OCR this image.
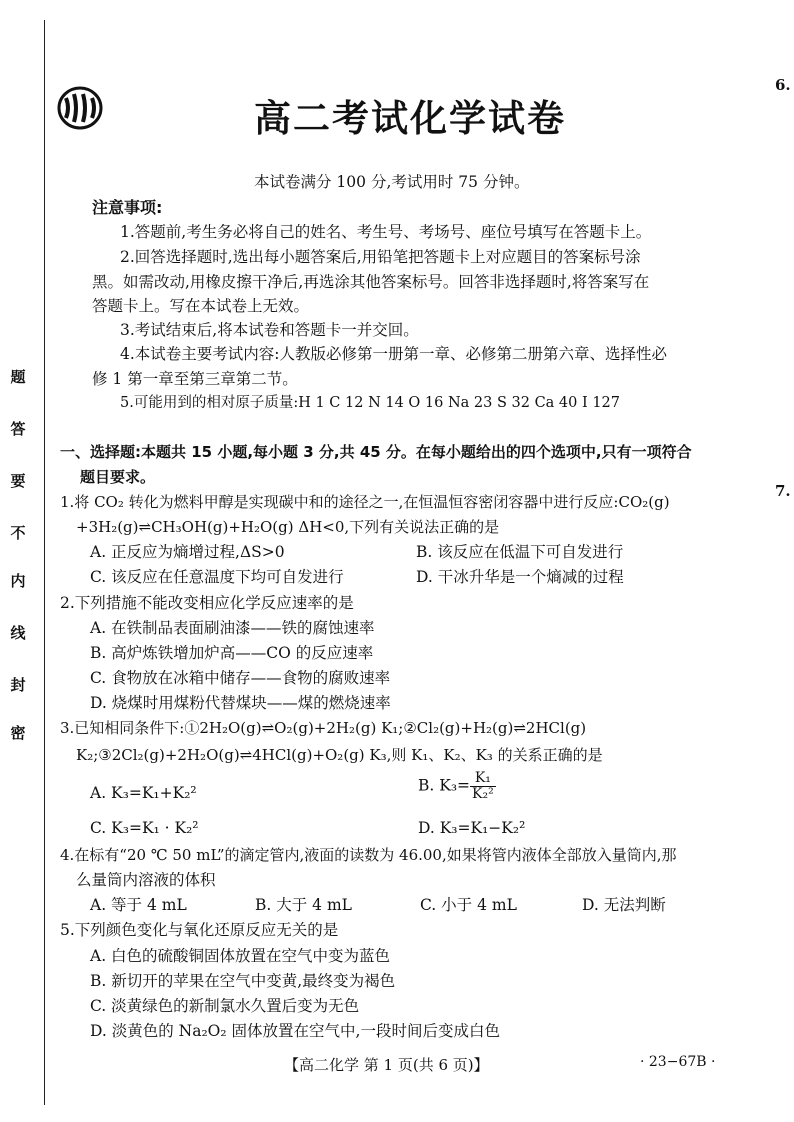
题
答
要
不
内
线
封
密
6.
7.
高二考试化学试卷
本试卷满分 100 分,考试用时 75 分钟。
注意事项:
1.答题前,考生务必将自己的姓名、考生号、考场号、座位号填写在答题卡上。
2.回答选择题时,选出每小题答案后,用铅笔把答题卡上对应题目的答案标号涂
黑。如需改动,用橡皮擦干净后,再选涂其他答案标号。回答非选择题时,将答案写在
答题卡上。写在本试卷上无效。
3.考试结束后,将本试卷和答题卡一并交回。
4.本试卷主要考试内容:人教版必修第一册第一章、必修第二册第六章、选择性必
修 1 第一章至第三章第二节。
5.可能用到的相对原子质量:H 1 C 12 N 14 O 16 Na 23 S 32 Ca 40 I 127
一、选择题:本题共 15 小题,每小题 3 分,共 45 分。在每小题给出的四个选项中,只有一项符合
题目要求。
1.将 CO₂ 转化为燃料甲醇是实现碳中和的途径之一,在恒温恒容密闭容器中进行反应:CO₂(g)
+3H₂(g)⇌CH₃OH(g)+H₂O(g) ΔH<0,下列有关说法正确的是
A. 正反应为熵增过程,ΔS>0	B. 该反应在低温下可自发进行
C. 该反应在任意温度下均可自发进行	D. 干冰升华是一个熵减的过程
2.下列措施不能改变相应化学反应速率的是
A. 在铁制品表面刷油漆——铁的腐蚀速率
B. 高炉炼铁增加炉高——CO 的反应速率
C. 食物放在冰箱中储存——食物的腐败速率
D. 烧煤时用煤粉代替煤块——煤的燃烧速率
3.已知相同条件下:①2H₂O(g)⇌O₂(g)+2H₂(g) K₁;②Cl₂(g)+H₂(g)⇌2HCl(g)
K₂;③2Cl₂(g)+2H₂O(g)⇌4HCl(g)+O₂(g) K₃,则 K₁、K₂、K₃ 的关系正确的是
A. K₃=K₁+K₂²	B. $K_3= \frac{\text{K₁}}{\text{K₂²}}$
C. K₃=K₁ · K₂²	D. K₃=K₁−K₂²
4.在标有“20 ℃ 50 mL”的滴定管内,液面的读数为 46.00,如果将管内液体全部放入量筒内,那
么量筒内溶液的体积
A. 等于 4 mL	B. 大于 4 mL	C. 小于 4 mL	D. 无法判断
5.下列颜色变化与氧化还原反应无关的是
A. 白色的硫酸铜固体放置在空气中变为蓝色
B. 新切开的苹果在空气中变黄,最终变为褐色
C. 淡黄绿色的新制氯水久置后变为无色
D. 淡黄色的 Na₂O₂ 固体放置在空气中,一段时间后变成白色
【高二化学 第 1 页(共 6 页)】	· 23−67B ·
